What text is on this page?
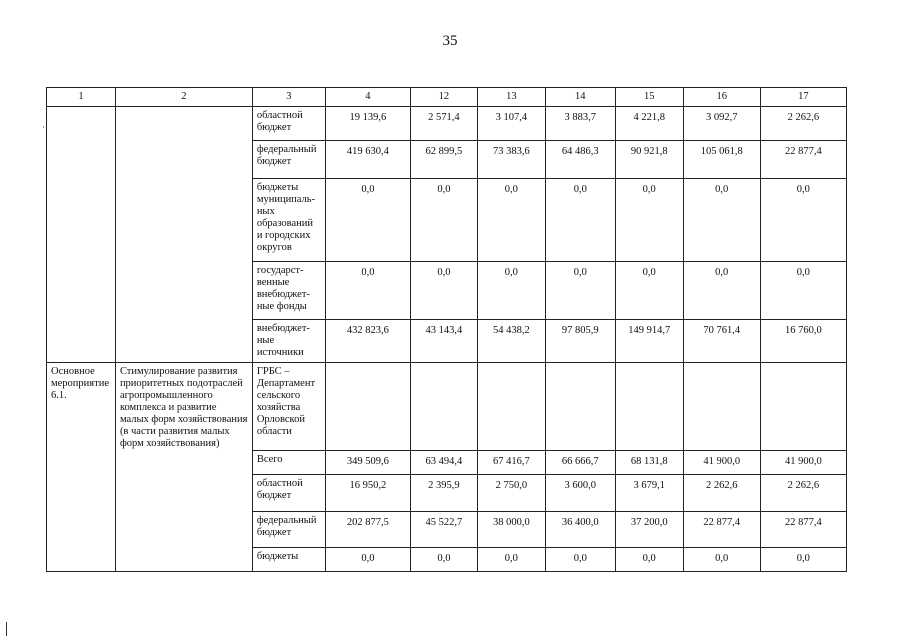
35
·
1	2	3	4	12	13	14	15	16	17
		областной бюджет	19 139,6	2 571,4	3 107,4	3 883,7	4 221,8	3 092,7	2 262,6
		федеральный бюджет	419 630,4	62 899,5	73 383,6	64 486,3	90 921,8	105 061,8	22 877,4
		бюджеты муниципаль-ных образований и городских округов	0,0	0,0	0,0	0,0	0,0	0,0	0,0
		государст-венные внебюджет-ные фонды	0,0	0,0	0,0	0,0	0,0	0,0	0,0
		внебюджет-ные источники	432 823,6	43 143,4	54 438,2	97 805,9	149 914,7	70 761,4	16 760,0
Основное мероприятие 6.1.	Стимулирование развития приоритетных подотраслей агропромышленного комплекса и развитие малых форм хозяйствования (в части развития малых форм хозяйствования)	ГРБС – Департамент сельского хозяйства Орловской области							
		Всего	349 509,6	63 494,4	67 416,7	66 666,7	68 131,8	41 900,0	41 900,0
		областной бюджет	16 950,2	2 395,9	2 750,0	3 600,0	3 679,1	2 262,6	2 262,6
		федеральный бюджет	202 877,5	45 522,7	38 000,0	36 400,0	37 200,0	22 877,4	22 877,4
		бюджеты	0,0	0,0	0,0	0,0	0,0	0,0	0,0
